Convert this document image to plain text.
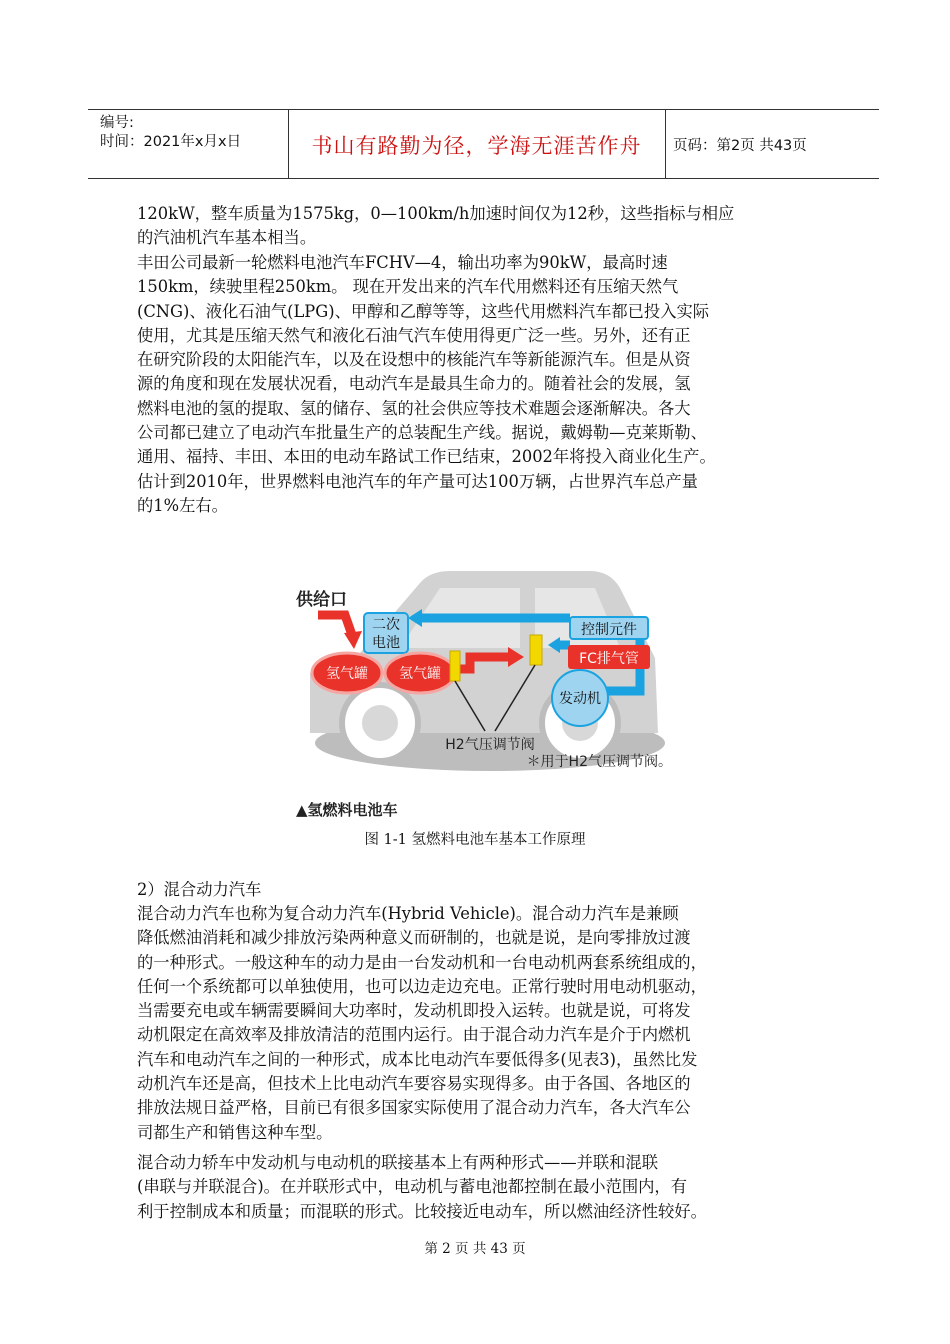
编号:
时间：2021年x月x日	书山有路勤为径，学海无涯苦作舟	页码：第2页 共43页
120kW，整车质量为1575kg，0—100km/h加速时间仅为12秒，这些指标与相应
的汽油机汽车基本相当。
丰田公司最新一轮燃料电池汽车FCHV—4，输出功率为90kW，最高时速
150km，续驶里程250km。 现在开发出来的汽车代用燃料还有压缩天然气
(CNG)、液化石油气(LPG)、甲醇和乙醇等等，这些代用燃料汽车都已投入实际
使用，尤其是压缩天然气和液化石油气汽车使用得更广泛一些。另外，还有正
在研究阶段的太阳能汽车，以及在设想中的核能汽车等新能源汽车。但是从资
源的角度和现在发展状况看，电动汽车是最具生命力的。随着社会的发展，氢
燃料电池的氢的提取、氢的储存、氢的社会供应等技术难题会逐渐解决。各大
公司都已建立了电动汽车批量生产的总装配生产线。据说，戴姆勒—克莱斯勒、
通用、福持、丰田、本田的电动车路试工作已结束，2002年将投入商业化生产。
估计到2010年，世界燃料电池汽车的年产量可达100万辆，占世界汽车总产量
的1%左右。
二次
电池
控制元件
FC排气管
氢气罐 氢气罐
发动机
供给口
H2气压调节阀
＊用于H2气压调节阀。
▲氢燃料电池车
图 1-1 氢燃料电池车基本工作原理
2）混合动力汽车
混合动力汽车也称为复合动力汽车(Hybrid Vehicle)。混合动力汽车是兼顾
降低燃油消耗和减少排放污染两种意义而研制的，也就是说，是向零排放过渡
的一种形式。一般这种车的动力是由一台发动机和一台电动机两套系统组成的，
任何一个系统都可以单独使用，也可以边走边充电。正常行驶时用电动机驱动，
当需要充电或车辆需要瞬间大功率时，发动机即投入运转。也就是说，可将发
动机限定在高效率及排放清洁的范围内运行。由于混合动力汽车是介于内燃机
汽车和电动汽车之间的一种形式，成本比电动汽车要低得多(见表3)，虽然比发
动机汽车还是高，但技术上比电动汽车要容易实现得多。由于各国、各地区的
排放法规日益严格，目前已有很多国家实际使用了混合动力汽车，各大汽车公
司都生产和销售这种车型。
混合动力轿车中发动机与电动机的联接基本上有两种形式——并联和混联
(串联与并联混合)。在并联形式中，电动机与蓄电池都控制在最小范围内，有
利于控制成本和质量；而混联的形式。比较接近电动车，所以燃油经济性较好。
第 2 页 共 43 页
